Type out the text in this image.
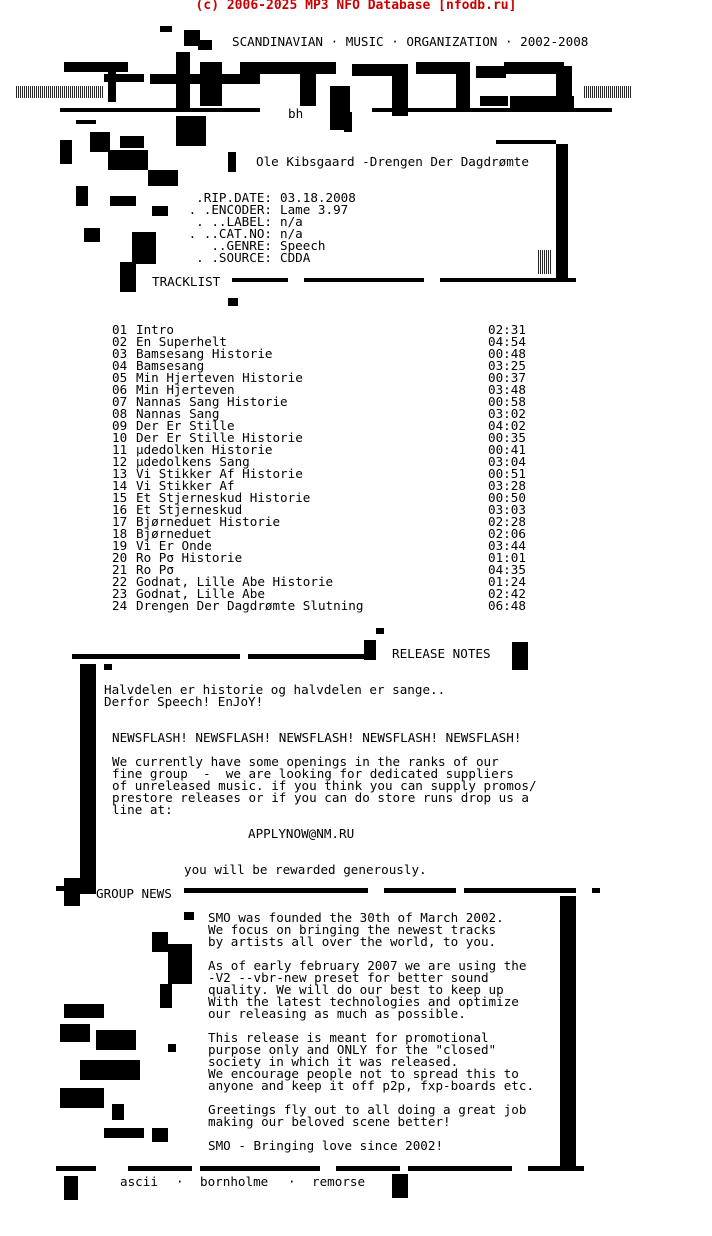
(c) 2006-2025 MP3 NFO Database [nfodb.ru]
SCANDINAVIAN · MUSIC · ORGANIZATION · 2002-2008
bh
Ole Kibsgaard -Drengen Der Dagdrømte
.RIP.DATE: 03.18.2008
. .ENCODER: Lame 3.97
. ..LABEL: n/a
. ..CAT.NO: n/a
..GENRE: Speech
. .SOURCE: CDDA
TRACKLIST
01 Intro	02:31
02 En Superhelt	04:54
03 Bamsesang Historie	00:48
04 Bamsesang	03:25
05 Min Hjerteven Historie	00:37
06 Min Hjerteven	03:48
07 Nannas Sang Historie	00:58
08 Nannas Sang	03:02
09 Der Er Stille	04:02
10 Der Er Stille Historie	00:35
11 µdedolken Historie	00:41
12 µdedolkens Sang	03:04
13 Vi Stikker Af Historie	00:51
14 Vi Stikker Af	03:28
15 Et Stjerneskud Historie	00:50
16 Et Stjerneskud	03:03
17 Bjørneduet Historie	02:28
18 Bjørneduet	02:06
19 Vi Er Onde	03:44
20 Ro Pσ Historie	01:01
21 Ro Pσ	04:35
22 Godnat, Lille Abe Historie	01:24
23 Godnat, Lille Abe	02:42
24 Drengen Der Dagdrømte Slutning	06:48
RELEASE NOTES
Halvdelen er historie og halvdelen er sange..
Derfor Speech! EnJoY!
NEWSFLASH! NEWSFLASH! NEWSFLASH! NEWSFLASH! NEWSFLASH!
We currently have some openings in the ranks of our
fine group  -  we are looking for dedicated suppliers
of unreleased music. if you think you can supply promos/
prestore releases or if you can do store runs drop us a
line at:
APPLYNOW@NM.RU
you will be rewarded generously.
GROUP NEWS
SMO was founded the 30th of March 2002.
We focus on bringing the newest tracks
by artists all over the world, to you.
As of early february 2007 we are using the
-V2 --vbr-new preset for better sound
quality. We will do our best to keep up
With the latest technologies and optimize
our releasing as much as possible.
This release is meant for promotional
purpose only and ONLY for the "closed"
society in which it was released.
We encourage people not to spread this to
anyone and keep it off p2p, fxp-boards etc.
Greetings fly out to all doing a great job
making our beloved scene better!
SMO - Bringing love since 2002!
ascii · bornholme · remorse
